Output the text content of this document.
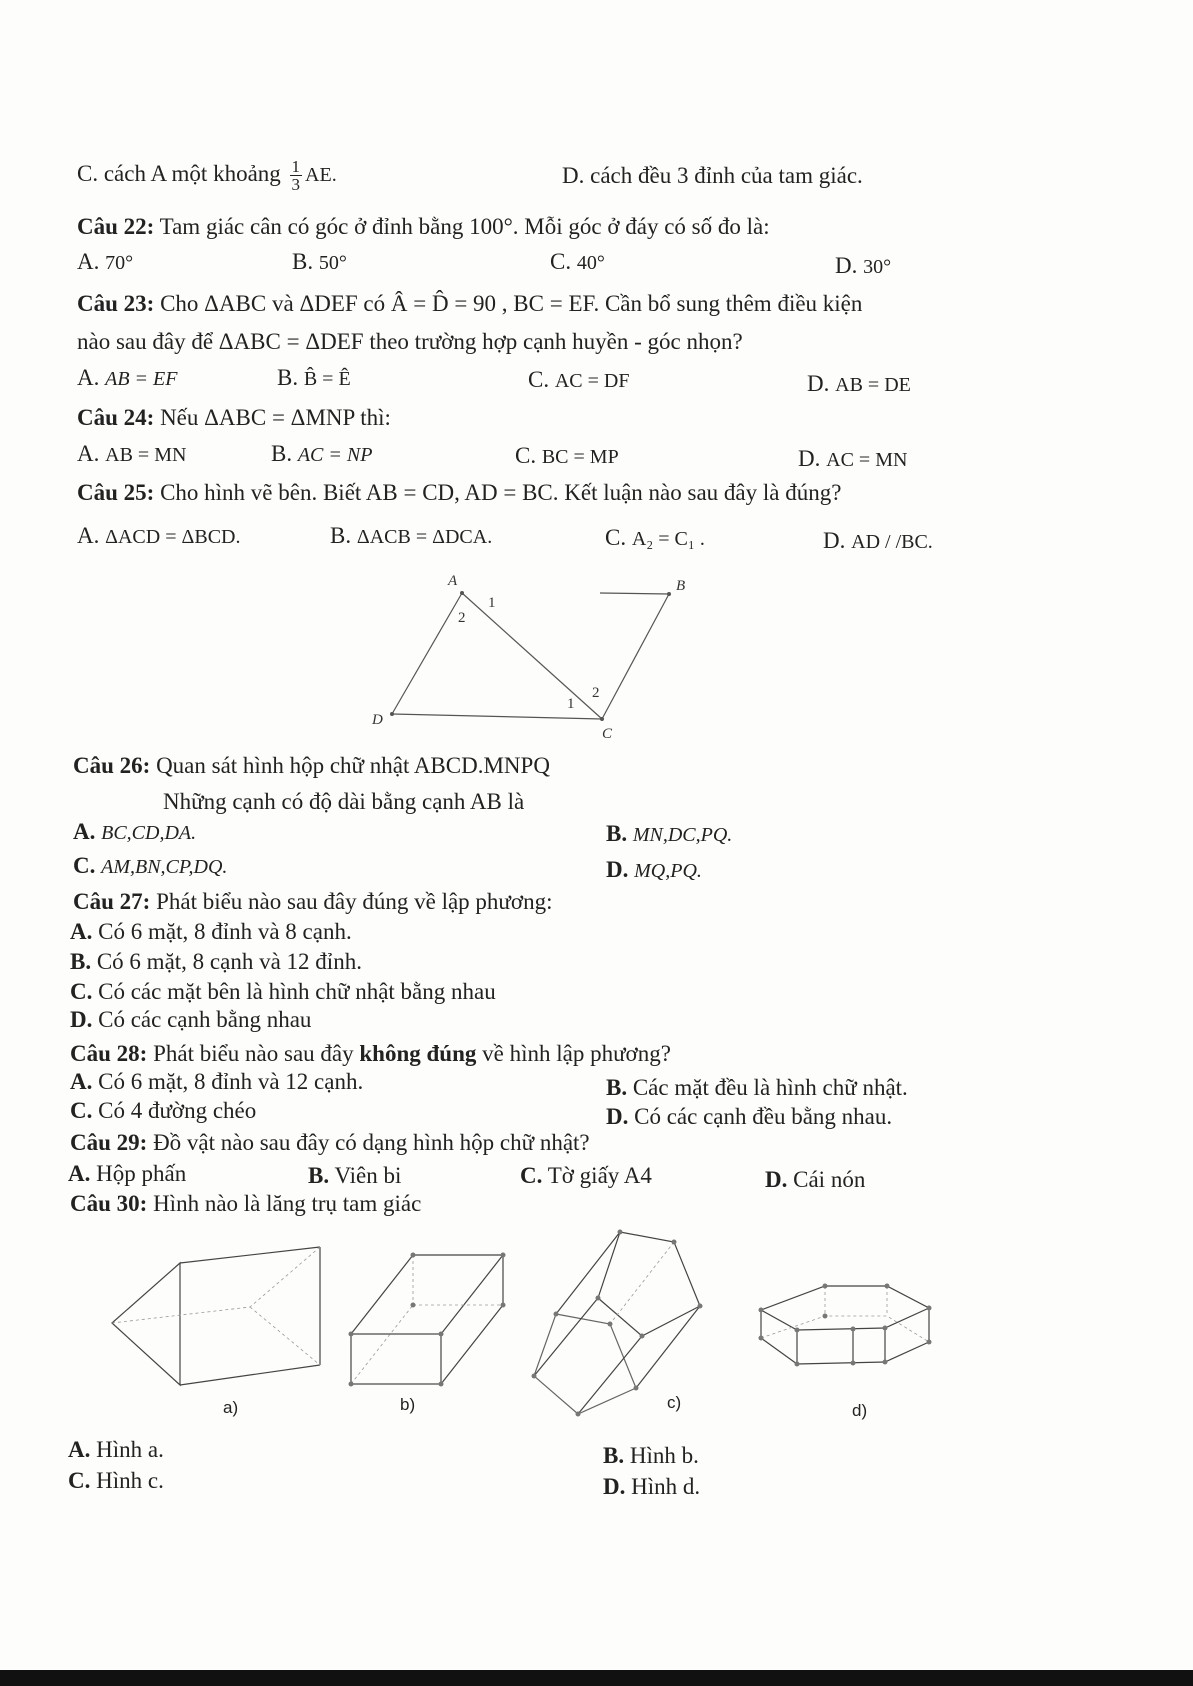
C. cách A một khoảng $\frac{1}{3}$ AE.	D. cách đều 3 đỉnh của tam giác.
Câu 22: Tam giác cân có góc ở đỉnh bằng 100°. Mỗi góc ở đáy có số đo là:
A. 70°	B. 50°	C. 40°	D. 30°
Câu 23: Cho ΔABC và ΔDEF có Â = D̂ = 90 , BC = EF. Cần bổ sung thêm điều kiện
nào sau đây để ΔABC = ΔDEF theo trường hợp cạnh huyền - góc nhọn?
A. AB = EF	B. B̂ = Ê	C. AC = DF	D. AB = DE
Câu 24: Nếu ΔABC = ΔMNP thì:
A. AB = MN	B. AC = NP	C. BC = MP	D. AC = MN
Câu 25: Cho hình vẽ bên. Biết AB = CD, AD = BC. Kết luận nào sau đây là đúng?
A. ΔACD = ΔBCD.	B. ΔACB = ΔDCA.	C. A₂ = C₁ .	D. AD / /BC.
A	B
C
D
1
2
1
2
Câu 26: Quan sát hình hộp chữ nhật ABCD.MNPQ
Những cạnh có độ dài bằng cạnh AB là
A. BC,CD,DA.	B. MN,DC,PQ.
C. AM,BN,CP,DQ.	D. MQ,PQ.
Câu 27: Phát biểu nào sau đây đúng về lập phương:
A. Có 6 mặt, 8 đỉnh và 8 cạnh.
B. Có 6 mặt, 8 cạnh và 12 đỉnh.
C. Có các mặt bên là hình chữ nhật bằng nhau
D. Có các cạnh bằng nhau
Câu 28: Phát biểu nào sau đây không đúng về hình lập phương?
A. Có 6 mặt, 8 đỉnh và 12 cạnh.	B. Các mặt đều là hình chữ nhật.
C. Có 4 đường chéo	D. Có các cạnh đều bằng nhau.
Câu 29: Đồ vật nào sau đây có dạng hình hộp chữ nhật?
A. Hộp phấn	B. Viên bi	C. Tờ giấy A4	D. Cái nón
Câu 30: Hình nào là lăng trụ tam giác
a)	b)	c)	d)
A. Hình a.	B. Hình b.
C. Hình c.	D. Hình d.
